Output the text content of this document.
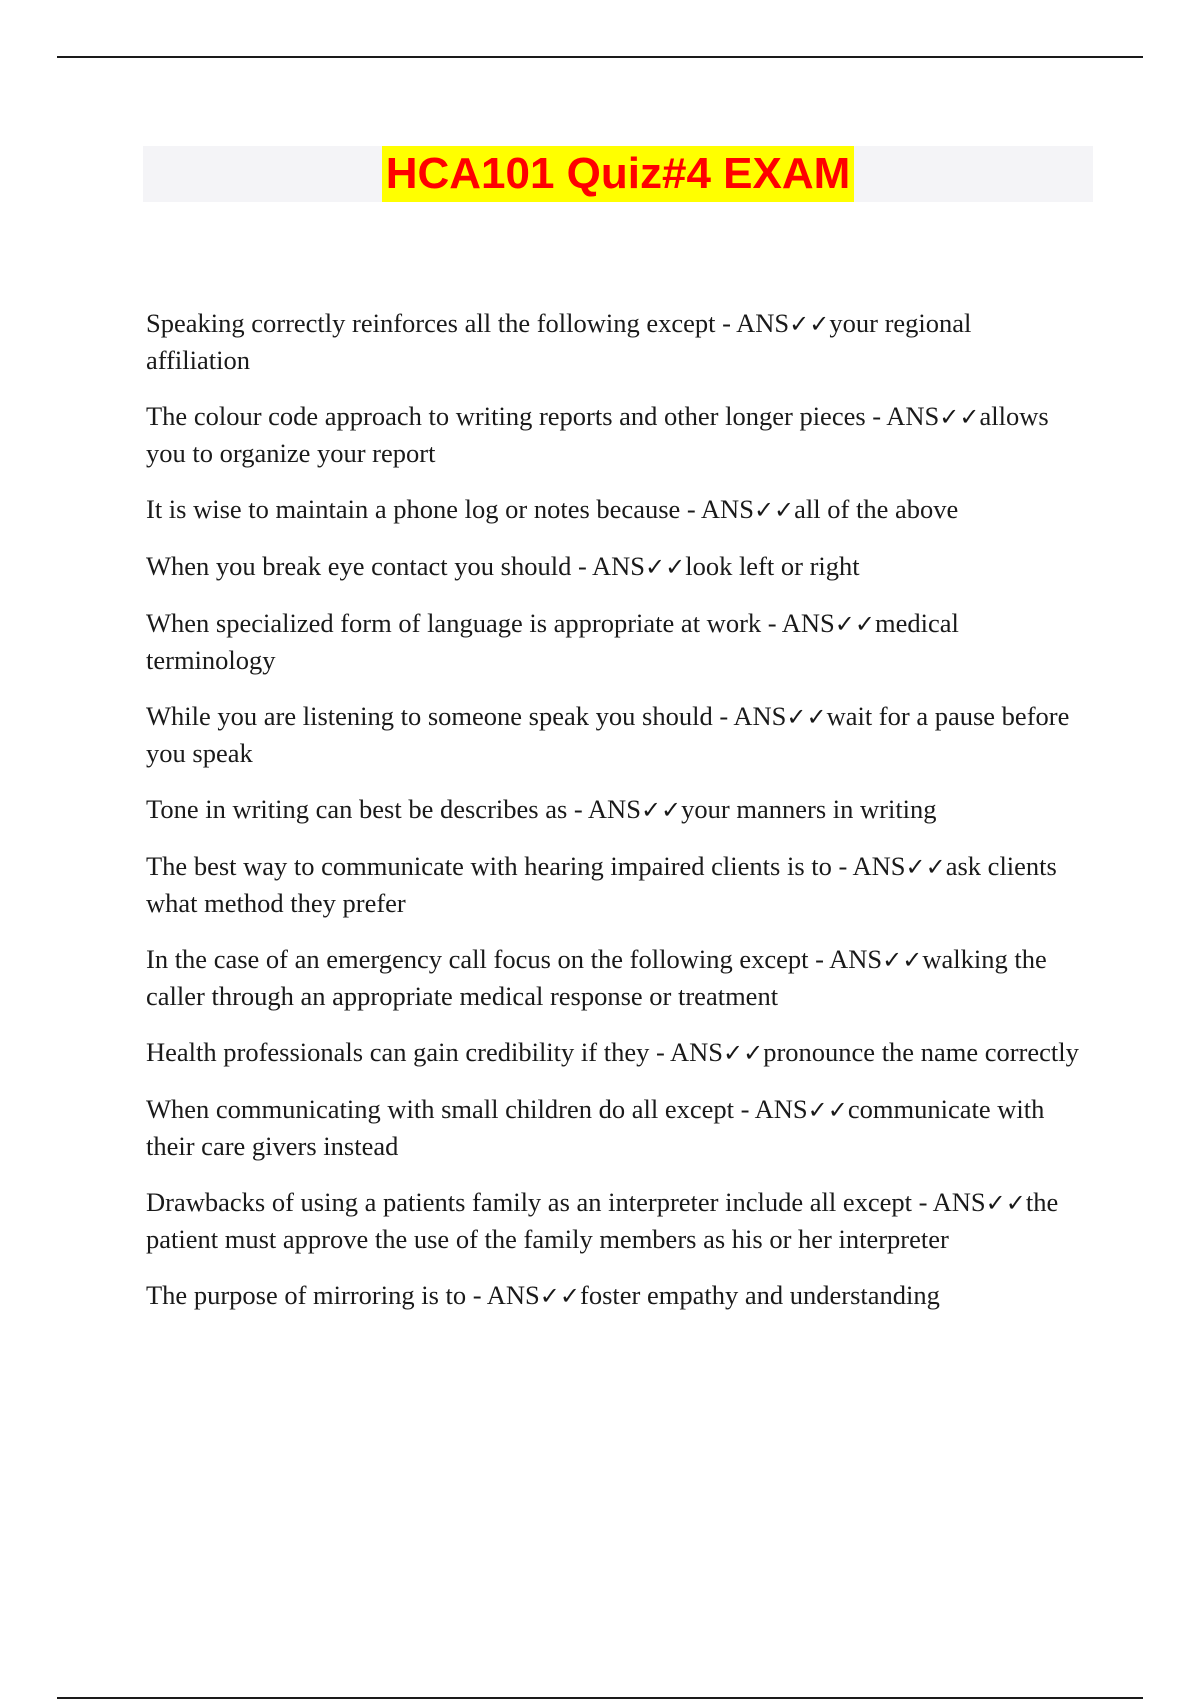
HCA101 Quiz#4 EXAM
Speaking correctly reinforces all the following except - ANS✓✓your regional affiliation
The colour code approach to writing reports and other longer pieces - ANS✓✓allows you to organize your report
It is wise to maintain a phone log or notes because - ANS✓✓all of the above
When you break eye contact you should - ANS✓✓look left or right
When specialized form of language is appropriate at work - ANS✓✓medical terminology
While you are listening to someone speak you should - ANS✓✓wait for a pause before you speak
Tone in writing can best be describes as - ANS✓✓your manners in writing
The best way to communicate with hearing impaired clients is to - ANS✓✓ask clients what method they prefer
In the case of an emergency call focus on the following except - ANS✓✓walking the caller through an appropriate medical response or treatment
Health professionals can gain credibility if they - ANS✓✓pronounce the name correctly
When communicating with small children do all except - ANS✓✓communicate with their care givers instead
Drawbacks of using a patients family as an interpreter include all except - ANS✓✓the patient must approve the use of the family members as his or her interpreter
The purpose of mirroring is to - ANS✓✓foster empathy and understanding
